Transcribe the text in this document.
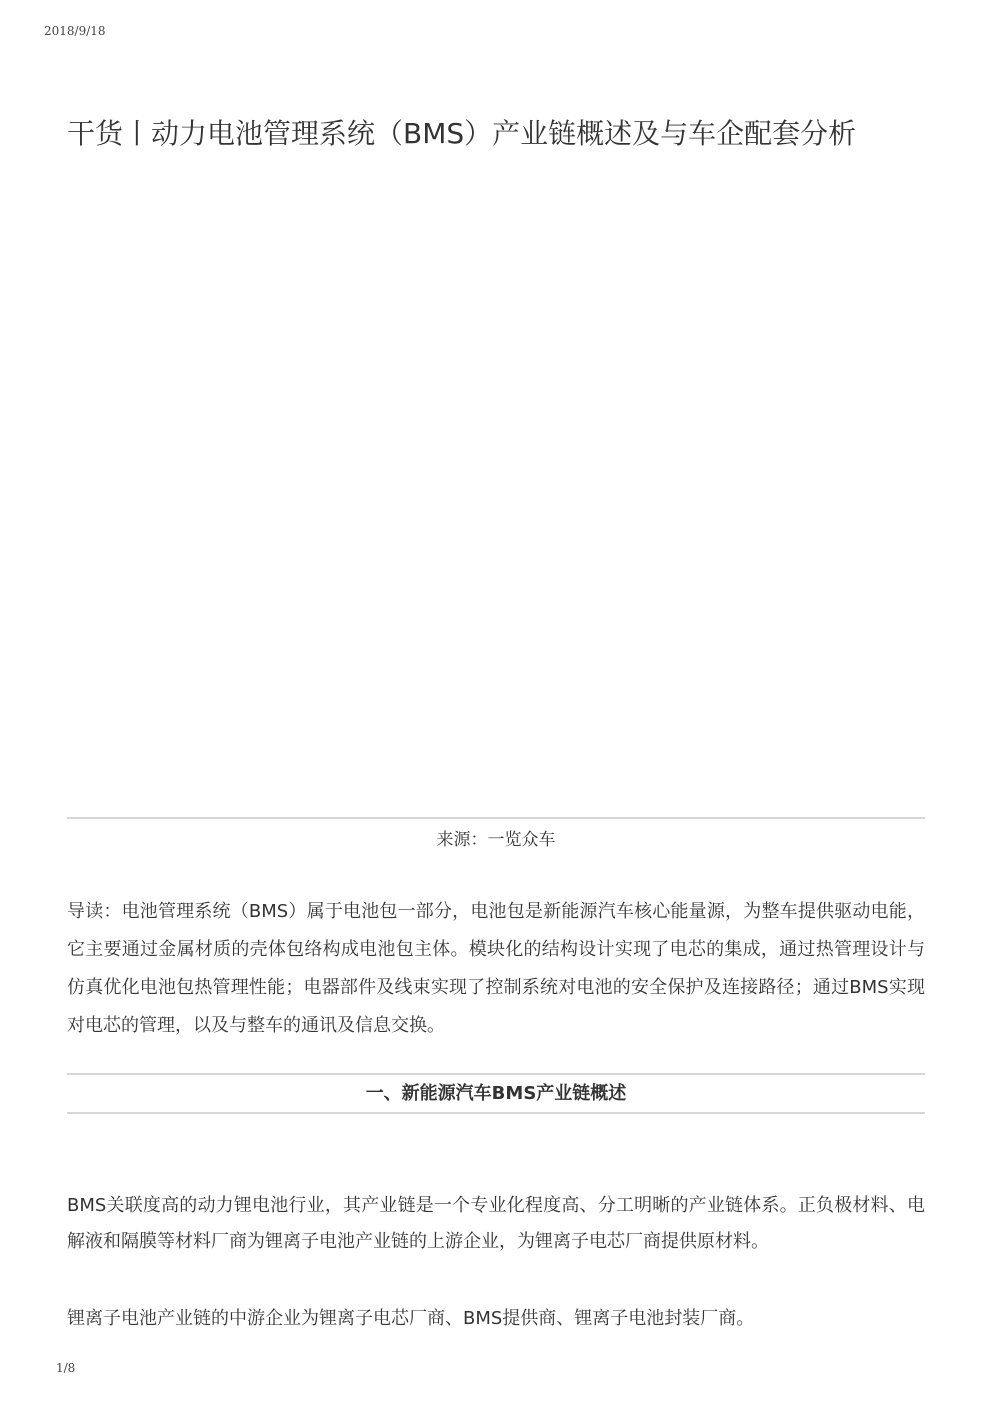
2018/9/18
干货丨动力电池管理系统（BMS）产业链概述及与车企配套分析
来源：一览众车

导读：电池管理系统（BMS）属于电池包一部分，电池包是新能源汽车核心能量源，为整车提供驱动电能，它主要通过金属材质的壳体包络构成电池包主体。模块化的结构设计实现了电芯的集成，通过热管理设计与仿真优化电池包热管理性能；电器部件及线束实现了控制系统对电池的安全保护及连接路径；通过BMS实现对电芯的管理，以及与整车的通讯及信息交换。

一、新能源汽车BMS产业链概述

BMS关联度高的动力锂电池行业，其产业链是一个专业化程度高、分工明晰的产业链体系。正负极材料、电解液和隔膜等材料厂商为锂离子电池产业链的上游企业，为锂离子电芯厂商提供原材料。

锂离子电池产业链的中游企业为锂离子电芯厂商、BMS提供商、锂离子电池封装厂商。

1/8
